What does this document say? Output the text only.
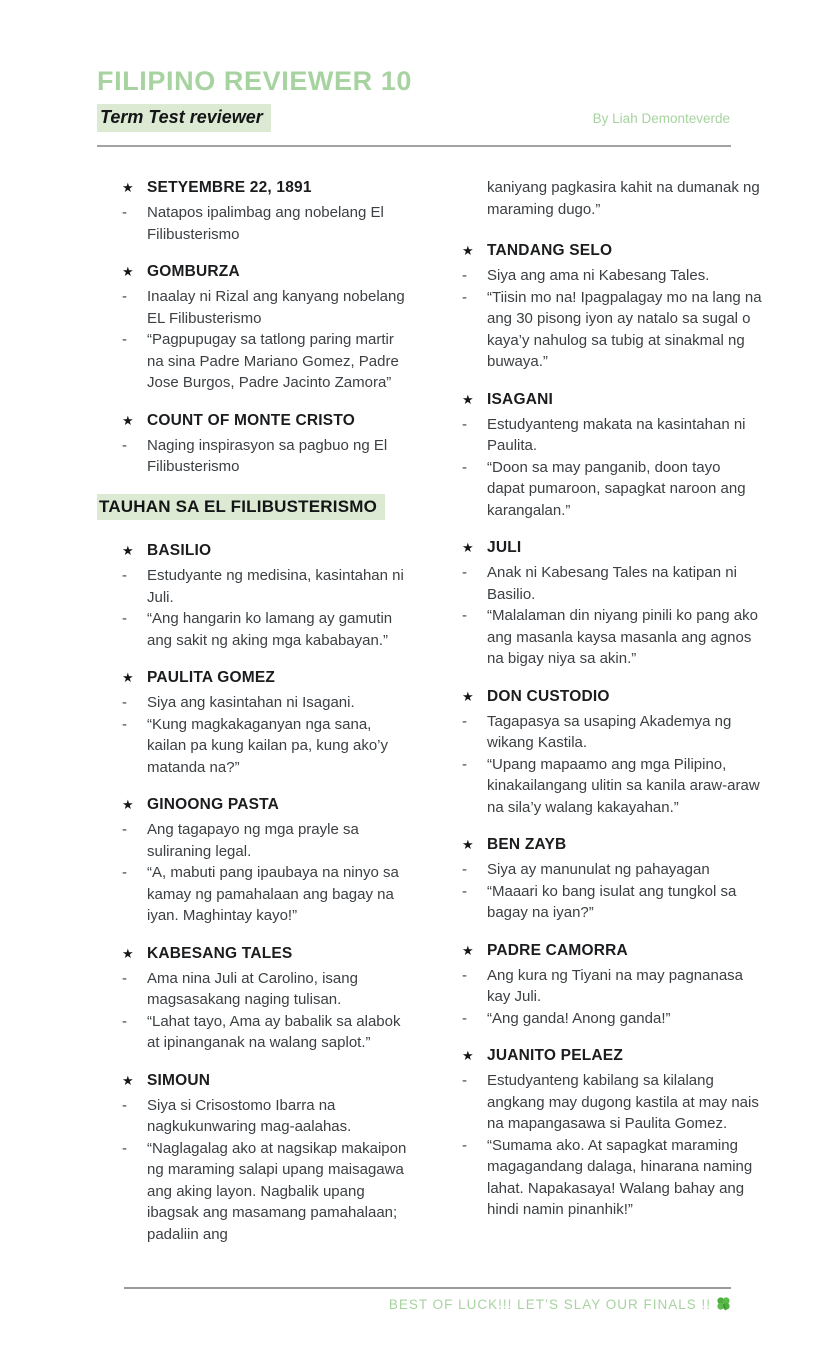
FILIPINO REVIEWER 10
Term Test reviewer	By Liah Demonteverde
★ SETYEMBRE 22, 1891
-	Natapos ipalimbag ang nobelang El Filibusterismo
★ GOMBURZA
-	Inaalay ni Rizal ang kanyang nobelang EL Filibusterismo
-	“Pagpupugay sa tatlong paring martir na sina Padre Mariano Gomez, Padre Jose Burgos, Padre Jacinto Zamora”
★ COUNT OF MONTE CRISTO
-	Naging inspirasyon sa pagbuo ng El Filibusterismo
TAUHAN SA EL FILIBUSTERISMO
★ BASILIO
-	Estudyante ng medisina, kasintahan ni Juli.
-	“Ang hangarin ko lamang ay gamutin ang sakit ng aking mga kababayan.”
★ PAULITA GOMEZ
-	Siya ang kasintahan ni Isagani.
-	“Kung magkakaganyan nga sana, kailan pa kung kailan pa, kung ako’y matanda na?”
★ GINOONG PASTA
-	Ang tagapayo ng mga prayle sa suliraning legal.
-	“A, mabuti pang ipaubaya na ninyo sa kamay ng pamahalaan ang bagay na iyan. Maghintay kayo!”
★ KABESANG TALES
-	Ama nina Juli at Carolino, isang magsasakang naging tulisan.
-	“Lahat tayo, Ama ay babalik sa alabok at ipinanganak na walang saplot.”
★ SIMOUN
-	Siya si Crisostomo Ibarra na nagkukunwaring mag-aalahas.
-	“Naglagalag ako at nagsikap makaipon ng maraming salapi upang maisagawa ang aking layon. Nagbalik upang ibagsak ang masamang pamahalaan; padaliin ang
kaniyang pagkasira kahit na dumanak ng maraming dugo.”
★ TANDANG SELO
-	Siya ang ama ni Kabesang Tales.
-	“Tiisin mo na! Ipagpalagay mo na lang na ang 30 pisong iyon ay natalo sa sugal o kaya’y nahulog sa tubig at sinakmal ng buwaya.”
★ ISAGANI
-	Estudyanteng makata na kasintahan ni Paulita.
-	“Doon sa may panganib, doon tayo dapat pumaroon, sapagkat naroon ang karangalan.”
★ JULI
-	Anak ni Kabesang Tales na katipan ni Basilio.
-	“Malalaman din niyang pinili ko pang ako ang masanla kaysa masanla ang agnos na bigay niya sa akin.”
★ DON CUSTODIO
-	Tagapasya sa usaping Akademya ng wikang Kastila.
-	“Upang mapaamo ang mga Pilipino, kinakailangang ulitin sa kanila araw-araw na sila’y walang kakayahan.”
★ BEN ZAYB
-	Siya ay manunulat ng pahayagan
-	“Maaari ko bang isulat ang tungkol sa bagay na iyan?”
★ PADRE CAMORRA
-	Ang kura ng Tiyani na may pagnanasa kay Juli.
-	“Ang ganda! Anong ganda!”
★ JUANITO PELAEZ
-	Estudyanteng kabilang sa kilalang angkang may dugong kastila at may nais na mapangasawa si Paulita Gomez.
-	“Sumama ako. At sapagkat maraming magagandang dalaga, hinarana naming lahat. Napakasaya! Walang bahay ang hindi namin pinanhik!”
BEST OF LUCK!!! LET’S SLAY OUR FINALS !!
